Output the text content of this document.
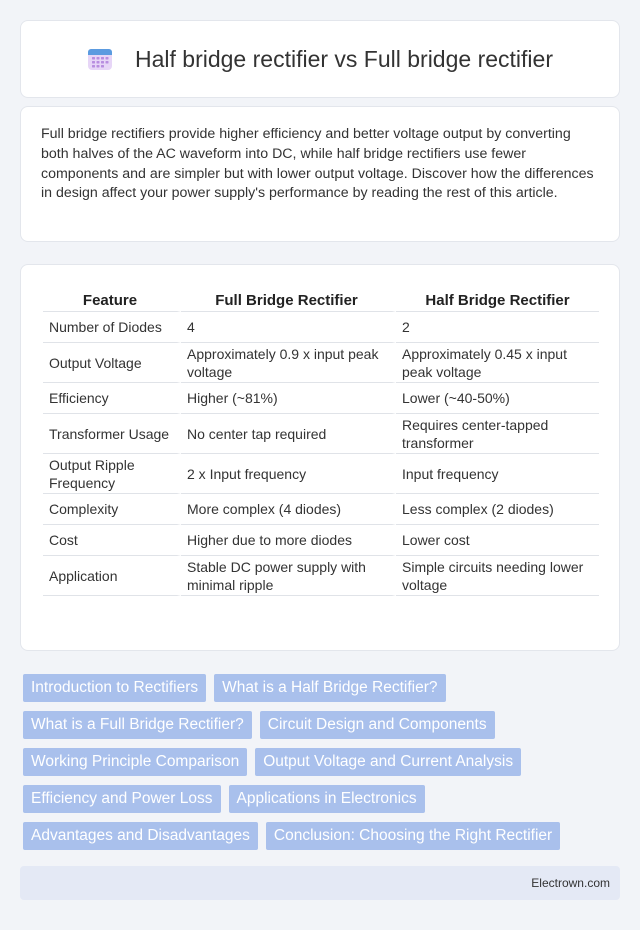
Half bridge rectifier vs Full bridge rectifier

Full bridge rectifiers provide higher efficiency and better voltage output by converting both halves of the AC waveform into DC, while half bridge rectifiers use fewer components and are simpler but with lower output voltage. Discover how the differences in design affect your power supply's performance by reading the rest of this article.

Feature	Full Bridge Rectifier	Half Bridge Rectifier
Number of Diodes	4	2
Output Voltage	Approximately 0.9 x input peak voltage	Approximately 0.45 x input peak voltage
Efficiency	Higher (~81%)	Lower (~40-50%)
Transformer Usage	No center tap required	Requires center-tapped transformer
Output Ripple Frequency	2 x Input frequency	Input frequency
Complexity	More complex (4 diodes)	Less complex (2 diodes)
Cost	Higher due to more diodes	Lower cost
Application	Stable DC power supply with minimal ripple	Simple circuits needing lower voltage
Introduction to Rectifiers	What is a Half Bridge Rectifier?
What is a Full Bridge Rectifier?	Circuit Design and Components
Working Principle Comparison	Output Voltage and Current Analysis
Efficiency and Power Loss	Applications in Electronics
Advantages and Disadvantages	Conclusion: Choosing the Right Rectifier
Electrown.com
